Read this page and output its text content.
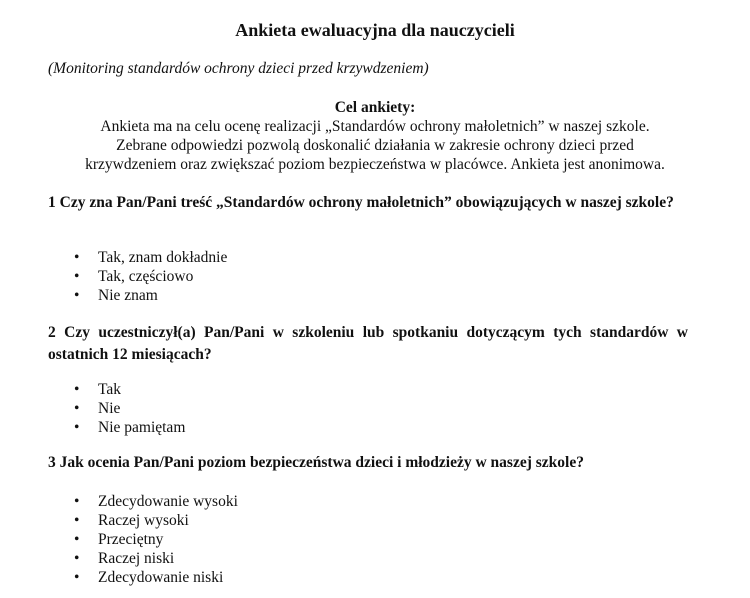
Ankieta ewaluacyjna dla nauczycieli
(Monitoring standardów ochrony dzieci przed krzywdzeniem)
Cel ankiety:
Ankieta ma na celu ocenę realizacji „Standardów ochrony małoletnich” w naszej szkole.
Zebrane odpowiedzi pozwolą doskonalić działania w zakresie ochrony dzieci przed
krzywdzeniem oraz zwiększać poziom bezpieczeństwa w placówce. Ankieta jest anonimowa.
1 Czy zna Pan/Pani treść „Standardów ochrony małoletnich” obowiązujących w naszej szkole?
• Tak, znam dokładnie
• Tak, częściowo
• Nie znam
2 Czy uczestniczył(a) Pan/Pani w szkoleniu lub spotkaniu dotyczącym tych standardów w ostatnich 12 miesiącach?
• Tak
• Nie
• Nie pamiętam
3 Jak ocenia Pan/Pani poziom bezpieczeństwa dzieci i młodzieży w naszej szkole?
• Zdecydowanie wysoki
• Raczej wysoki
• Przeciętny
• Raczej niski
• Zdecydowanie niski
